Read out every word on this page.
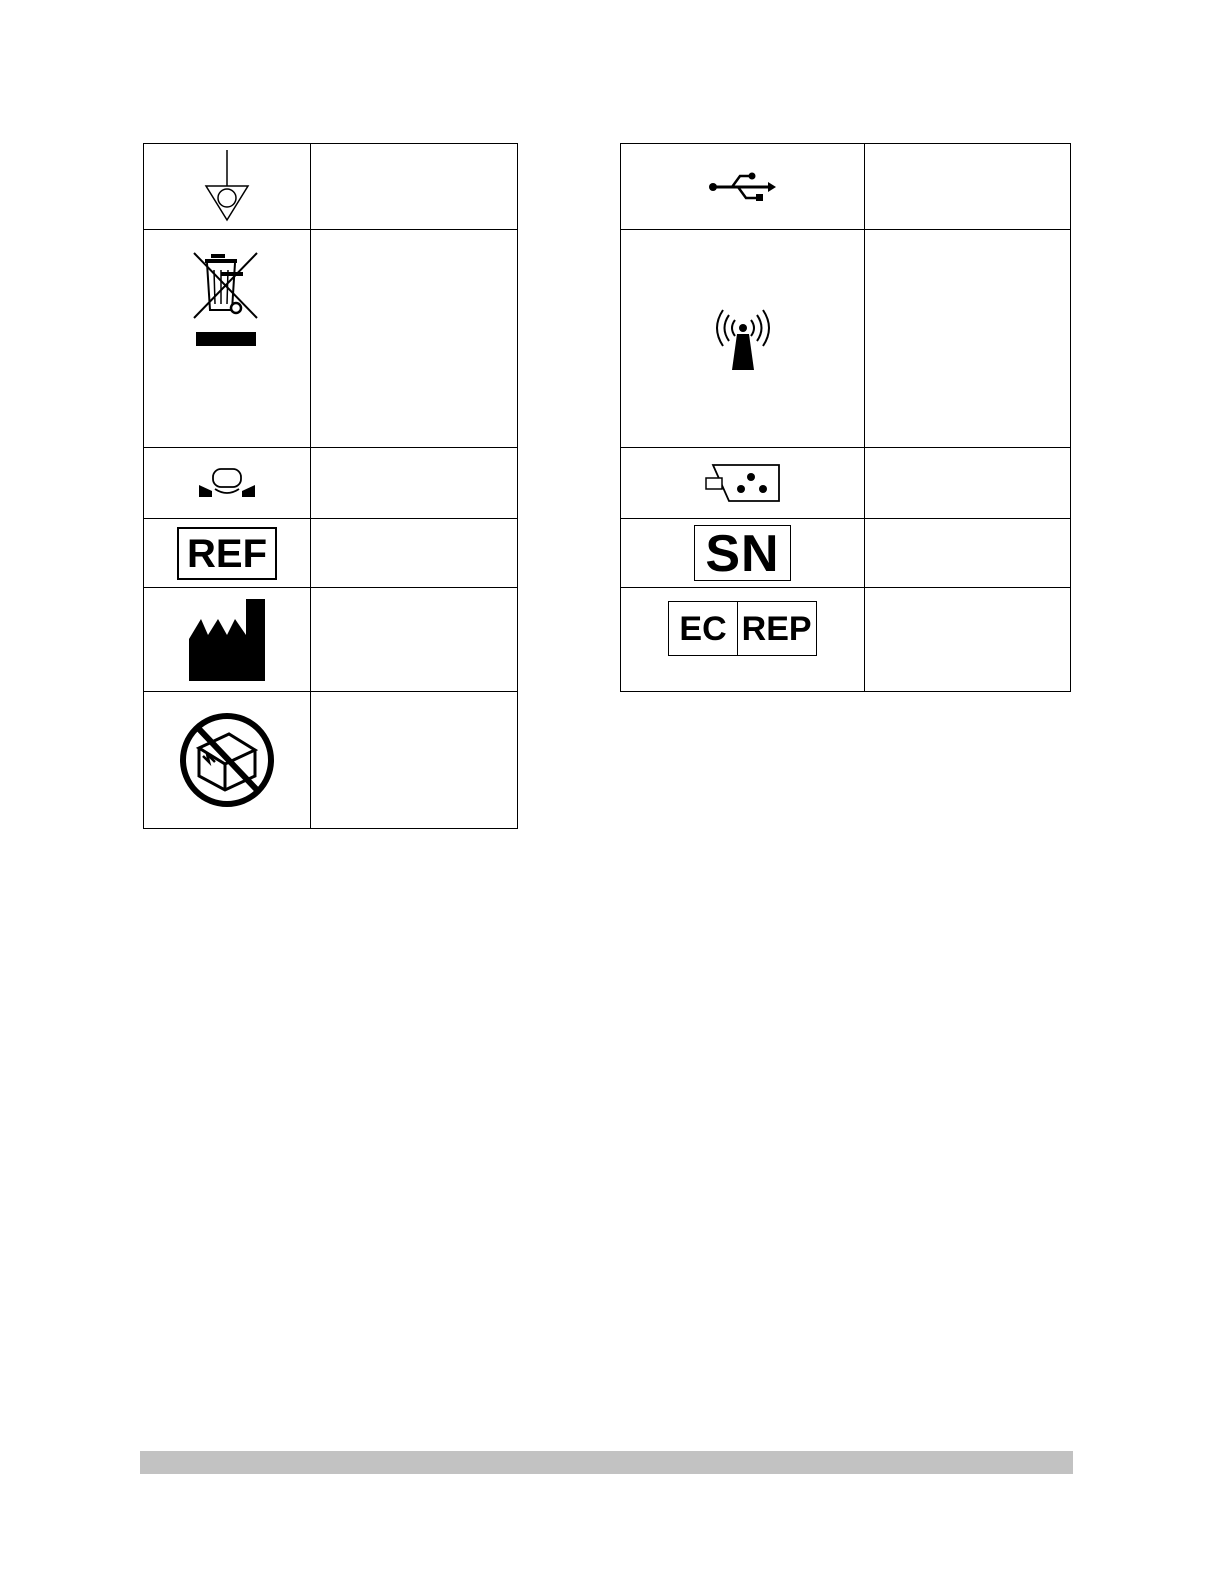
REF	

		SN	

EC REP	
